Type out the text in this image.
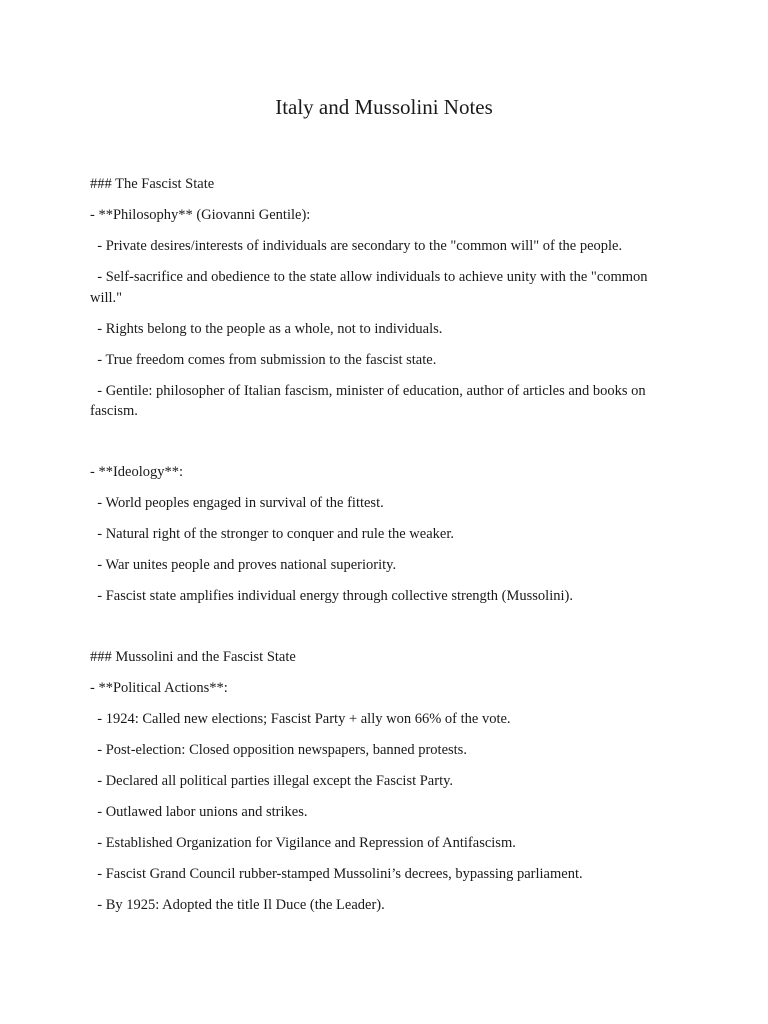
Italy and Mussolini Notes

### The Fascist State

- **Philosophy** (Giovanni Gentile):

- Private desires/interests of individuals are secondary to the "common will" of the people.

- Self-sacrifice and obedience to the state allow individuals to achieve unity with the "common will."

- Rights belong to the people as a whole, not to individuals.

- True freedom comes from submission to the fascist state.

- Gentile: philosopher of Italian fascism, minister of education, author of articles and books on fascism.

- **Ideology**:

- World peoples engaged in survival of the fittest.

- Natural right of the stronger to conquer and rule the weaker.

- War unites people and proves national superiority.

- Fascist state amplifies individual energy through collective strength (Mussolini).

### Mussolini and the Fascist State

- **Political Actions**:

- 1924: Called new elections; Fascist Party + ally won 66% of the vote.

- Post-election: Closed opposition newspapers, banned protests.

- Declared all political parties illegal except the Fascist Party.

- Outlawed labor unions and strikes.

- Established Organization for Vigilance and Repression of Antifascism.

- Fascist Grand Council rubber-stamped Mussolini’s decrees, bypassing parliament.

- By 1925: Adopted the title Il Duce (the Leader).
